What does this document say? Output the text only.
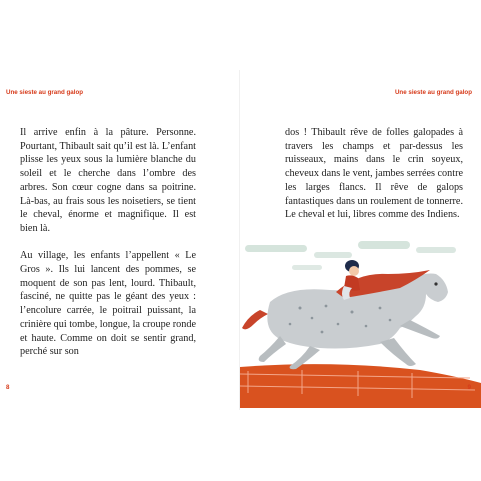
Une sieste au grand galop

Il arrive enfin à la pâture. Personne. Pourtant, Thibault sait qu’il est là. L’enfant plisse les yeux sous la lumière blanche du soleil et le cherche dans l’ombre des arbres. Son cœur cogne dans sa poitrine. Là-bas, au frais sous les noisetiers, se tient le cheval, énorme et magnifique. Il est bien là.

Au village, les enfants l’appellent « Le Gros ». Ils lui lancent des pommes, se moquent de son pas lent, lourd. Thibault, fasciné, ne quitte pas le géant des yeux : l’encolure carrée, le poitrail puissant, la crinière qui tombe, longue, la croupe ronde et haute. Comme on doit se sentir grand, perché sur son

8
Une sieste au grand galop

dos ! Thibault rêve de folles galopades à travers les champs et par-dessus les ruisseaux, mains dans le crin soyeux, cheveux dans le vent, jambes serrées contre les larges flancs. Il rêve de galops fantastiques dans un roulement de tonnerre. Le cheval et lui, libres comme des Indiens.

9
